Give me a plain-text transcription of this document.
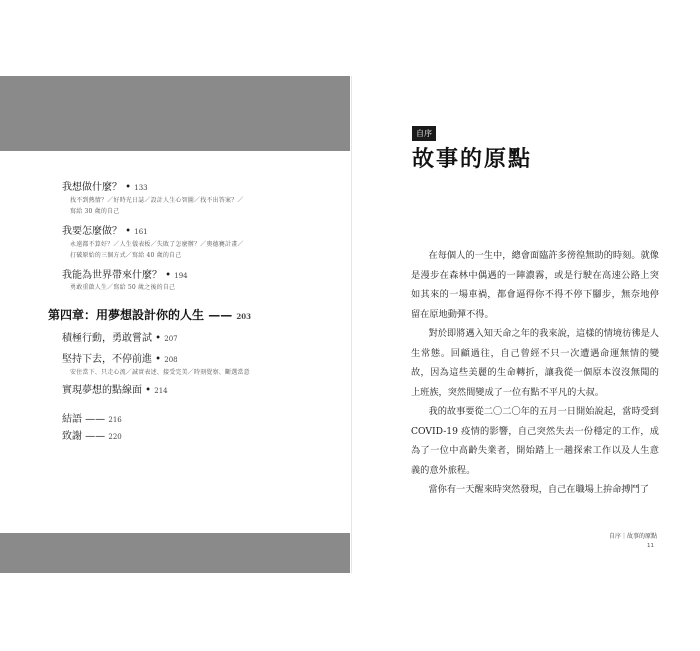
我想做什麼？ • 133
找不到熱情？／好時光日誌／設計人生心智圖／找不出答案？／
寫給 30 歲的自己
我要怎麼做？ • 161
永遠都不算好？／人生儀表板／失敗了怎麼辦？／奧德賽計畫／
打破原始的三個方式／寫給 40 歲的自己
我能為世界帶來什麼？ • 194
勇敢重啟人生／寫給 50 歲之後的自己
第四章：用夢想設計你的人生 —— 203
積極行動，勇敢嘗試 • 207
堅持下去，不停前進 • 208
安住當下、只走心流／誠實表述、接受完美／時刻覺察、斷選當意
實現夢想的點線面 • 214
結語 —— 216
致謝 —— 220
自序
故事的原點

在每個人的一生中，總會面臨許多徬徨無助的時刻。就像是漫步在森林中偶遇的一陣濃霧，或是行駛在高速公路上突如其來的一場車禍，都會逼得你不得不停下腳步，無奈地停留在原地動彈不得。

對於即將邁入知天命之年的我來說，這樣的情境彷彿是人生常態。回顧過往，自己曾經不只一次遭遇命運無情的變故，因為這些美麗的生命轉折，讓我從一個原本沒沒無聞的上班族，突然間變成了一位有點不平凡的大叔。

我的故事要從二〇二〇年的五月一日開始說起，當時受到 COVID-19 疫情的影響，自己突然失去一份穩定的工作，成為了一位中高齡失業者，開始踏上一趟探索工作以及人生意義的意外旅程。

當你有一天醒來時突然發現，自己在職場上拚命搏鬥了

自序｜故事的原點
11
